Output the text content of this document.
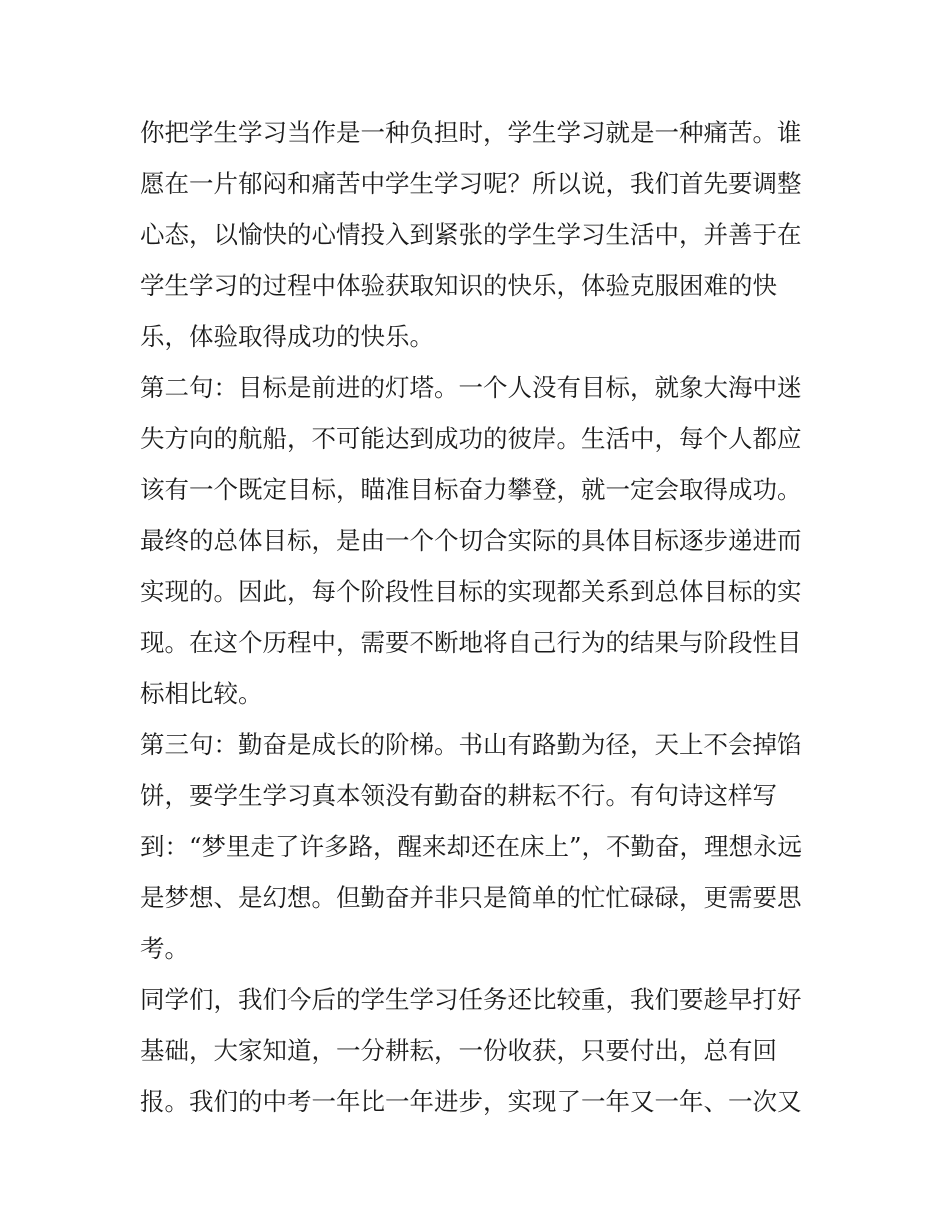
你把学生学习当作是一种负担时，学生学习就是一种痛苦。谁
愿在一片郁闷和痛苦中学生学习呢？所以说，我们首先要调整
心态，以愉快的心情投入到紧张的学生学习生活中，并善于在
学生学习的过程中体验获取知识的快乐，体验克服困难的快
乐，体验取得成功的快乐。
第二句：目标是前进的灯塔。一个人没有目标，就象大海中迷
失方向的航船，不可能达到成功的彼岸。生活中，每个人都应
该有一个既定目标，瞄准目标奋力攀登，就一定会取得成功。
最终的总体目标，是由一个个切合实际的具体目标逐步递进而
实现的。因此，每个阶段性目标的实现都关系到总体目标的实
现。在这个历程中，需要不断地将自己行为的结果与阶段性目
标相比较。
第三句：勤奋是成长的阶梯。书山有路勤为径，天上不会掉馅
饼，要学生学习真本领没有勤奋的耕耘不行。有句诗这样写
到：“梦里走了许多路，醒来却还在床上”，不勤奋，理想永远
是梦想、是幻想。但勤奋并非只是简单的忙忙碌碌，更需要思
考。
同学们，我们今后的学生学习任务还比较重，我们要趁早打好
基础，大家知道，一分耕耘，一份收获，只要付出，总有回
报。我们的中考一年比一年进步，实现了一年又一年、一次又
